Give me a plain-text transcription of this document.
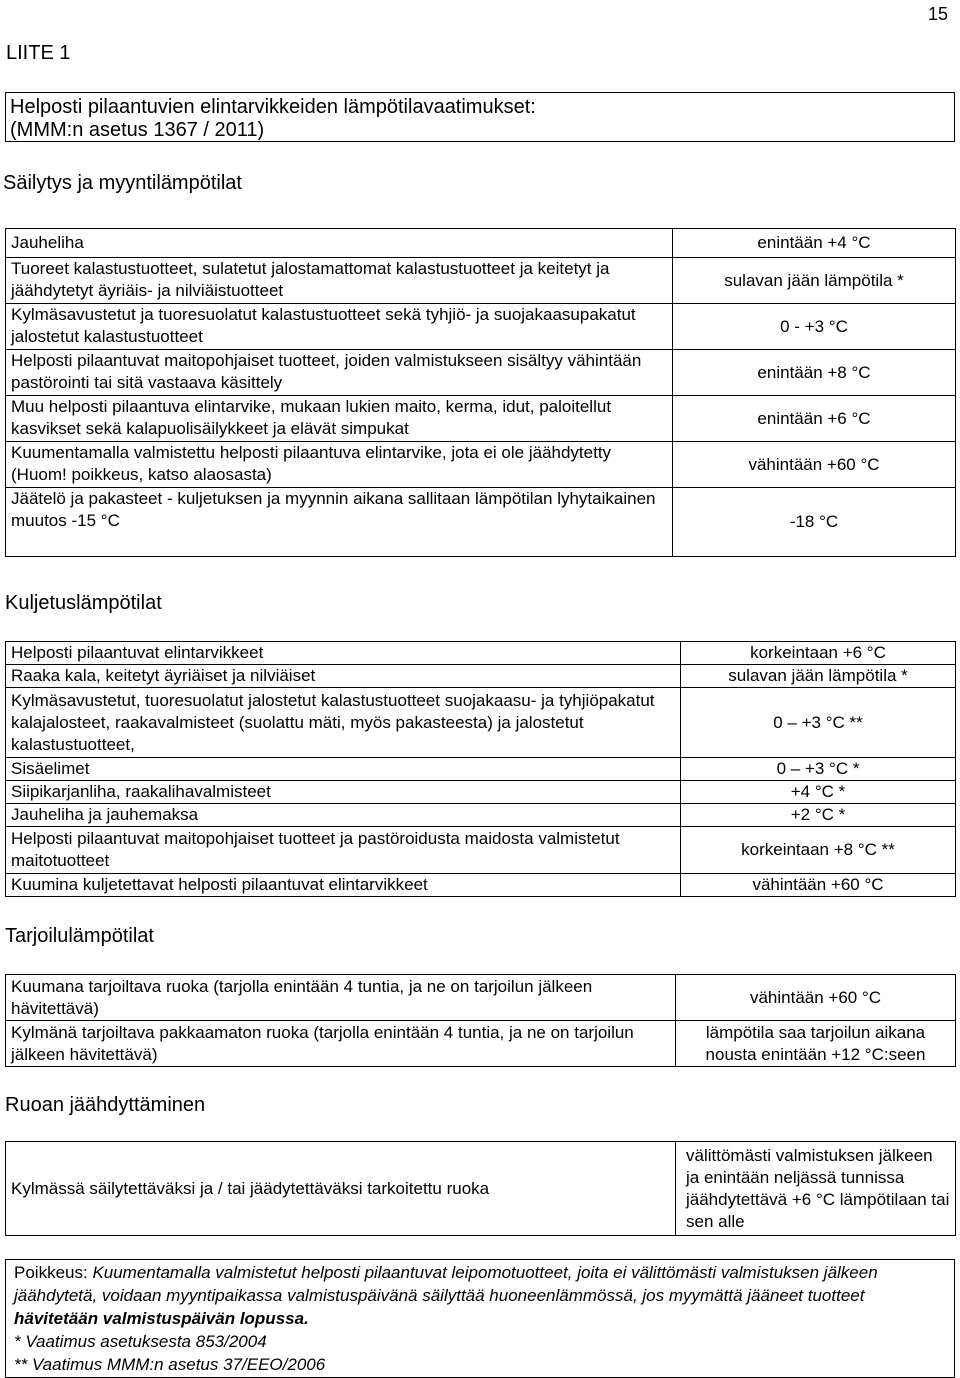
15
LIITE 1
Helposti pilaantuvien elintarvikkeiden lämpötilavaatimukset:
(MMM:n asetus 1367 / 2011)
Säilytys ja myyntilämpötilat
Jauheliha	enintään +4 °C
Tuoreet kalastustuotteet, sulatetut jalostamattomat kalastustuotteet ja keitetyt ja jäähdytetyt äyriäis- ja nilviäistuotteet	sulavan jään lämpötila *
Kylmäsavustetut ja tuoresuolatut kalastustuotteet sekä tyhjiö- ja suojakaasupakatut jalostetut kalastustuotteet	0 - +3 °C
Helposti pilaantuvat maitopohjaiset tuotteet, joiden valmistukseen sisältyy vähintään pastörointi tai sitä vastaava käsittely	enintään +8 °C
Muu helposti pilaantuva elintarvike, mukaan lukien maito, kerma, idut, paloitellut kasvikset sekä kalapuolisäilykkeet ja elävät simpukat	enintään +6 °C
Kuumentamalla valmistettu helposti pilaantuva elintarvike, jota ei ole jäähdytetty (Huom! poikkeus, katso alaosasta)	vähintään +60 °C
Jäätelö ja pakasteet - kuljetuksen ja myynnin aikana sallitaan lämpötilan lyhytaikainen muutos -15 °C	-18 °C
Kuljetuslämpötilat
Helposti pilaantuvat elintarvikkeet	korkeintaan +6 °C
Raaka kala, keitetyt äyriäiset ja nilviäiset	sulavan jään lämpötila *
Kylmäsavustetut, tuoresuolatut jalostetut kalastustuotteet suojakaasu- ja tyhjiöpakatut kalajalosteet, raakavalmisteet (suolattu mäti, myös pakasteesta) ja jalostetut kalastustuotteet,	0 – +3 °C **
Sisäelimet	0 – +3 °C *
Siipikarjanliha, raakalihavalmisteet	+4 °C *
Jauheliha ja jauhemaksa	+2 °C *
Helposti pilaantuvat maitopohjaiset tuotteet ja pastöroidusta maidosta valmistetut maitotuotteet	korkeintaan +8 °C **
Kuumina kuljetettavat helposti pilaantuvat elintarvikkeet	vähintään +60 °C
Tarjoilulämpötilat
Kuumana tarjoiltava ruoka (tarjolla enintään 4 tuntia, ja ne on tarjoilun jälkeen hävitettävä)	vähintään +60 °C
Kylmänä tarjoiltava pakkaamaton ruoka (tarjolla enintään 4 tuntia, ja ne on tarjoilun jälkeen hävitettävä)	lämpötila saa tarjoilun aikana nousta enintään +12 °C:seen
Ruoan jäähdyttäminen
Kylmässä säilytettäväksi ja / tai jäädytettäväksi tarkoitettu ruoka	välittömästi valmistuksen jälkeen ja enintään neljässä tunnissa jäähdytettävä +6 °C lämpötilaan tai sen alle
Poikkeus: Kuumentamalla valmistetut helposti pilaantuvat leipomotuotteet, joita ei välittömästi valmistuksen jälkeen jäähdytetä, voidaan myyntipaikassa valmistuspäivänä säilyttää huoneenlämmössä, jos myymättä jääneet tuotteet hävitetään valmistuspäivän lopussa.
* Vaatimus asetuksesta 853/2004
** Vaatimus MMM:n asetus 37/EEO/2006
